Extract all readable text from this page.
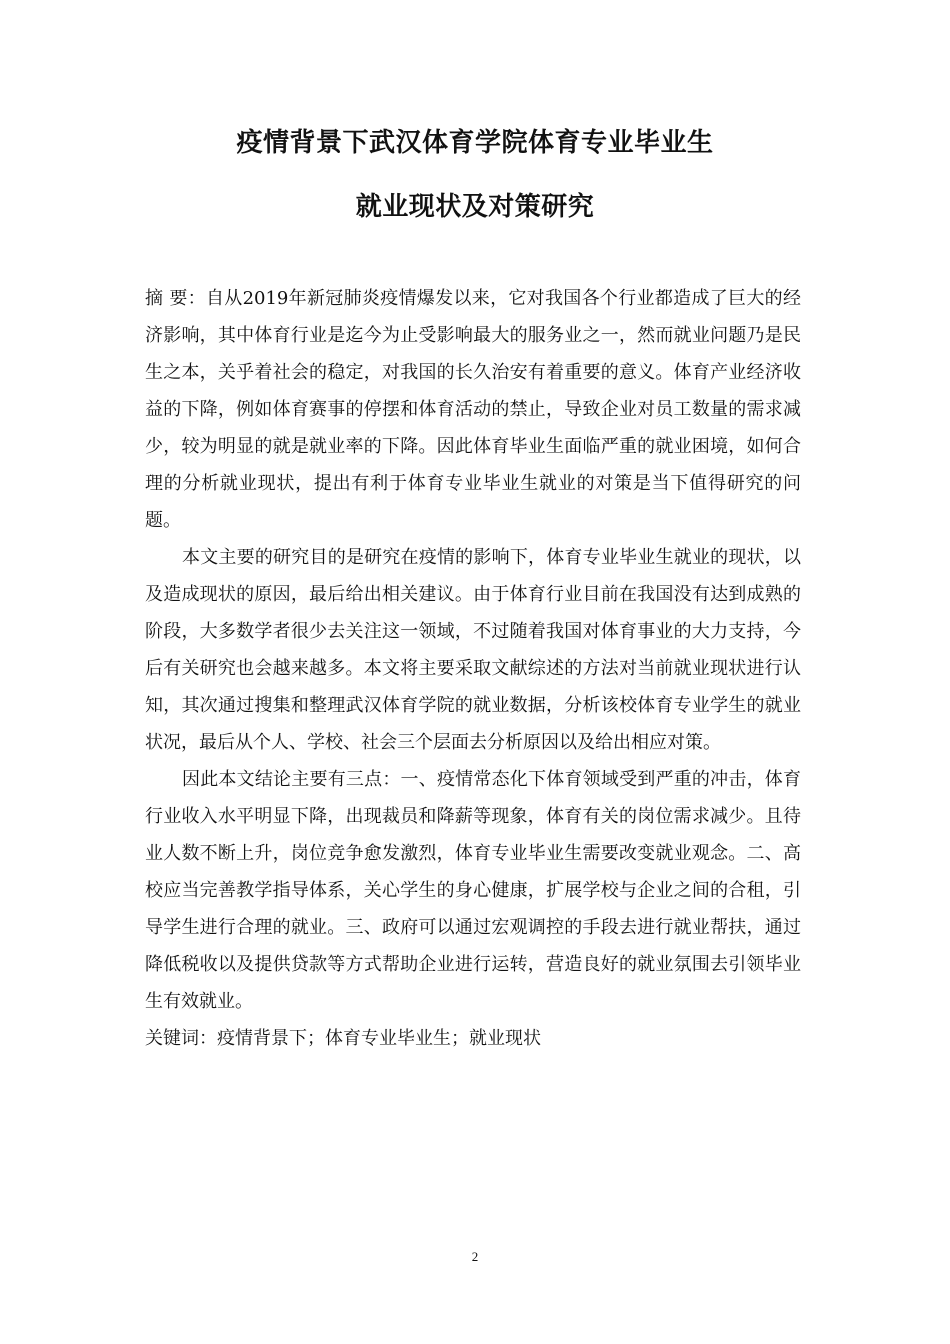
疫情背景下武汉体育学院体育专业毕业生
就业现状及对策研究

摘 要：自从2019年新冠肺炎疫情爆发以来，它对我国各个行业都造成了巨大的经济影响，其中体育行业是迄今为止受影响最大的服务业之一，然而就业问题乃是民生之本，关乎着社会的稳定，对我国的长久治安有着重要的意义。体育产业经济收益的下降，例如体育赛事的停摆和体育活动的禁止，导致企业对员工数量的需求减少，较为明显的就是就业率的下降。因此体育毕业生面临严重的就业困境，如何合理的分析就业现状，提出有利于体育专业毕业生就业的对策是当下值得研究的问题。

本文主要的研究目的是研究在疫情的影响下，体育专业毕业生就业的现状，以及造成现状的原因，最后给出相关建议。由于体育行业目前在我国没有达到成熟的阶段，大多数学者很少去关注这一领域，不过随着我国对体育事业的大力支持，今后有关研究也会越来越多。本文将主要采取文献综述的方法对当前就业现状进行认知，其次通过搜集和整理武汉体育学院的就业数据，分析该校体育专业学生的就业状况，最后从个人、学校、社会三个层面去分析原因以及给出相应对策。

因此本文结论主要有三点：一、疫情常态化下体育领域受到严重的冲击，体育行业收入水平明显下降，出现裁员和降薪等现象，体育有关的岗位需求减少。且待业人数不断上升，岗位竞争愈发激烈，体育专业毕业生需要改变就业观念。二、高校应当完善教学指导体系，关心学生的身心健康，扩展学校与企业之间的合租，引导学生进行合理的就业。三、政府可以通过宏观调控的手段去进行就业帮扶，通过降低税收以及提供贷款等方式帮助企业进行运转，营造良好的就业氛围去引领毕业生有效就业。

关键词：疫情背景下；体育专业毕业生；就业现状

2
